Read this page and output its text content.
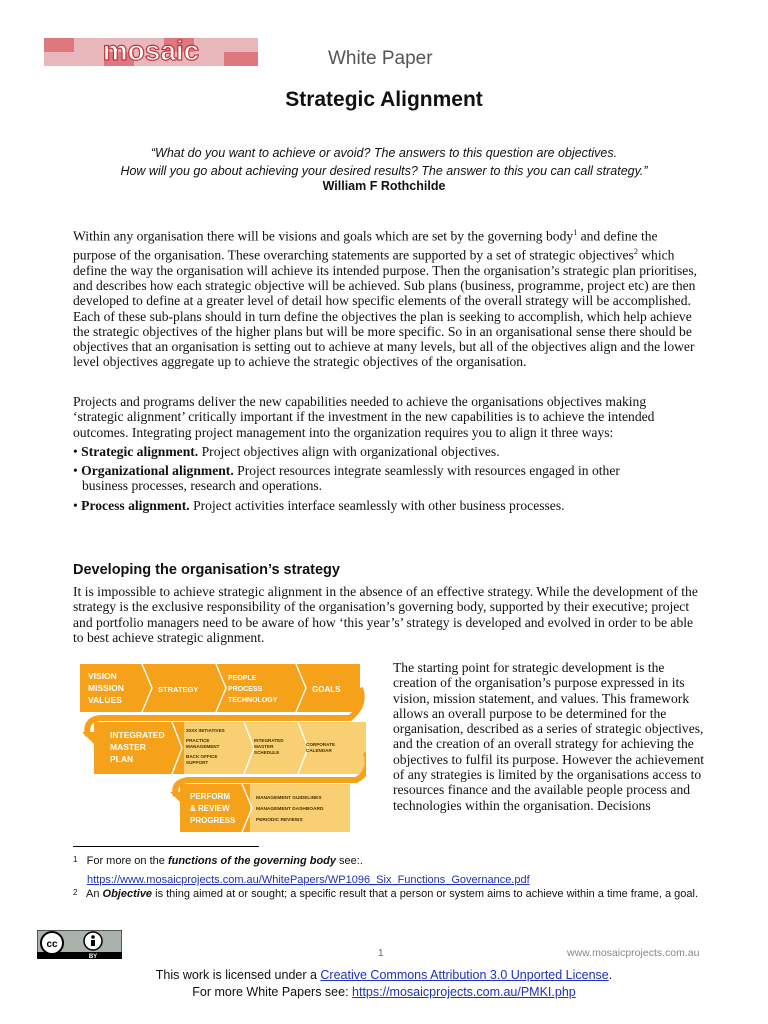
mosaic	White Paper
Strategic Alignment
“What do you want to achieve or avoid? The answers to this question are objectives.
How will you go about achieving your desired results? The answer to this you can call strategy.”
William F Rothchilde
Within any organisation there will be visions and goals which are set by the governing body$^1$ and define the purpose of the organisation. These overarching statements are supported by a set of strategic objectives$^2$ which define the way the organisation will achieve its intended purpose. Then the organisation’s strategic plan prioritises, and describes how each strategic objective will be achieved. Sub plans (business, programme, project etc) are then developed to define at a greater level of detail how specific elements of the overall strategy will be accomplished. Each of these sub-plans should in turn define the objectives the plan is seeking to accomplish, which help achieve the strategic objectives of the higher plans but will be more specific. So in an organisational sense there should be objectives that an organisation is setting out to achieve at many levels, but all of the objectives align and the lower level objectives aggregate up to achieve the strategic objectives of the organisation.
Projects and programs deliver the new capabilities needed to achieve the organisations objectives making ‘strategic alignment’ critically important if the investment in the new capabilities is to achieve the intended outcomes. Integrating project management into the organization requires you to align it three ways:
• Strategic alignment. Project objectives align with organizational objectives.
• Organizational alignment. Project resources integrate seamlessly with resources engaged in other
business processes, research and operations.
• Process alignment. Project activities interface seamlessly with other business processes.
Developing the organisation’s strategy
It is impossible to achieve strategic alignment in the absence of an effective strategy. While the development of the strategy is the exclusive responsibility of the organisation’s governing body, supported by their executive; project and portfolio managers need to be aware of how ‘this year’s’ strategy is developed and evolved in order to be able to best achieve strategic alignment.
VISION
MISSION
VALUES
STRATEGY
PEOPLE
PROCESS
TECHNOLOGY
GOALS
INTEGRATED
MASTER
PLAN
20XX INITIATIVES
PRACTICE
MANAGEMENT
BACK OFFICE
SUPPORT
INTEGRATED
MASTER
SCHEDULE
CORPORATE
CALENDAR
PERFORM
& REVIEW
PROGRESS
MANAGEMENT GUIDELINES
MANAGEMENT DASHBOARD
PERIODIC REVIEWS
The starting point for strategic development is the creation of the organisation’s purpose expressed in its vision, mission statement, and values. This framework allows an overall purpose to be determined for the organisation, described as a series of strategic objectives, and the creation of an overall strategy for achieving the objectives to fulfil its purpose. However the achievement of any strategies is limited by the organisations access to resources finance and the available people process and technologies within the organisation. Decisions
$^1$ For more on the functions of the governing body see:.
https://www.mosaicprojects.com.au/WhitePapers/WP1096_Six_Functions_Governance.pdf
$^2$ An Objective is thing aimed at or sought; a specific result that a person or system aims to achieve within a time frame, a goal.
cc
BY	1	www.mosaicprojects.com.au
This work is licensed under a Creative Commons Attribution 3.0 Unported License.
For more White Papers see: https://mosaicprojects.com.au/PMKI.php
